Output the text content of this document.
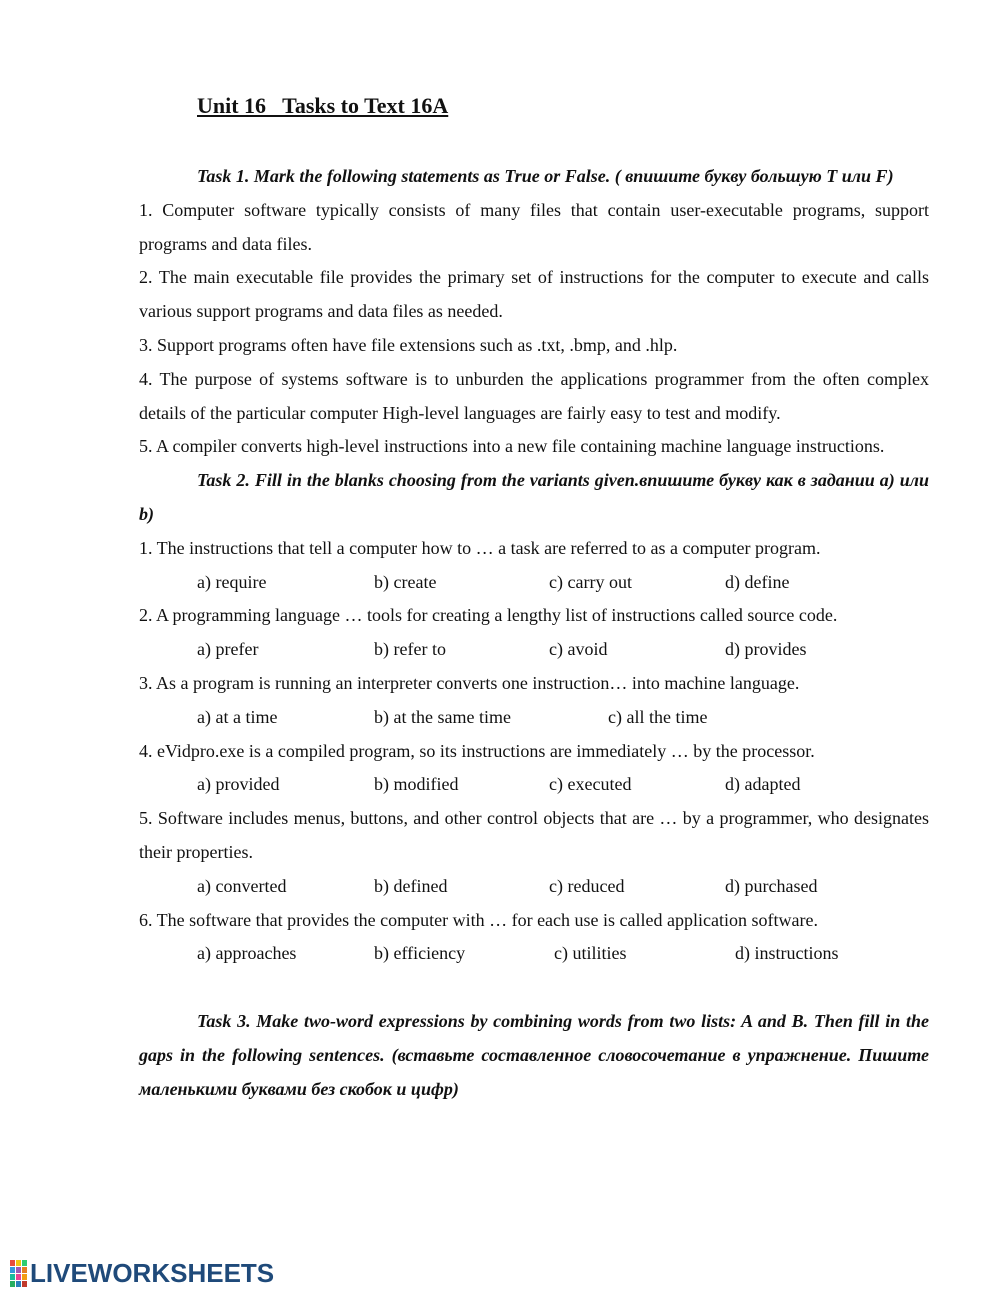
Unit 16   Tasks to Text 16A
Task 1. Mark the following statements as True or False. ( впишите букву большую Т или F)

1. Computer software typically consists of many files that contain user-executable programs, support programs and data files.

2. The main executable file provides the primary set of instructions for the computer to execute and calls various support programs and data files as needed.

3. Support programs often have file extensions such as .txt, .bmp, and .hlp.

4. The purpose of systems software is to unburden the applications programmer from the often complex details of the particular computer High-level languages are fairly easy to test and modify.

5. A compiler converts high-level instructions into a new file containing machine language instructions.

Task 2. Fill in the blanks choosing from the variants given.впишите букву как в задании а) или b)

1. The instructions that tell a computer how to … a task are referred to as a computer program.

a) require	b) create	c) carry out	d) define

2. A programming language … tools for creating a lengthy list of instructions called source code.

a) prefer	b) refer to	c) avoid	d) provides

3. As a program is running an interpreter converts one instruction… into machine language.

a) at a time	b) at the same time	c) all the time

4. eVidpro.exe is a compiled program, so its instructions are immediately … by the processor.

a) provided	b) modified	c) executed	d) adapted

5. Software includes menus, buttons, and other control objects that are … by a programmer, who designates their properties.

a) converted	b) defined	c) reduced	d) purchased

6. The software that provides the computer with … for each use is called application software.

a) approaches	b) efficiency	c) utilities	d) instructions
Task 3. Make two-word expressions by combining words from two lists: A and B. Then fill in the gaps in the following sentences. (вставьте составленное словосочетание в упражнение. Пишите маленькими буквами без скобок и цифр)
LIVEWORKSHEETS
